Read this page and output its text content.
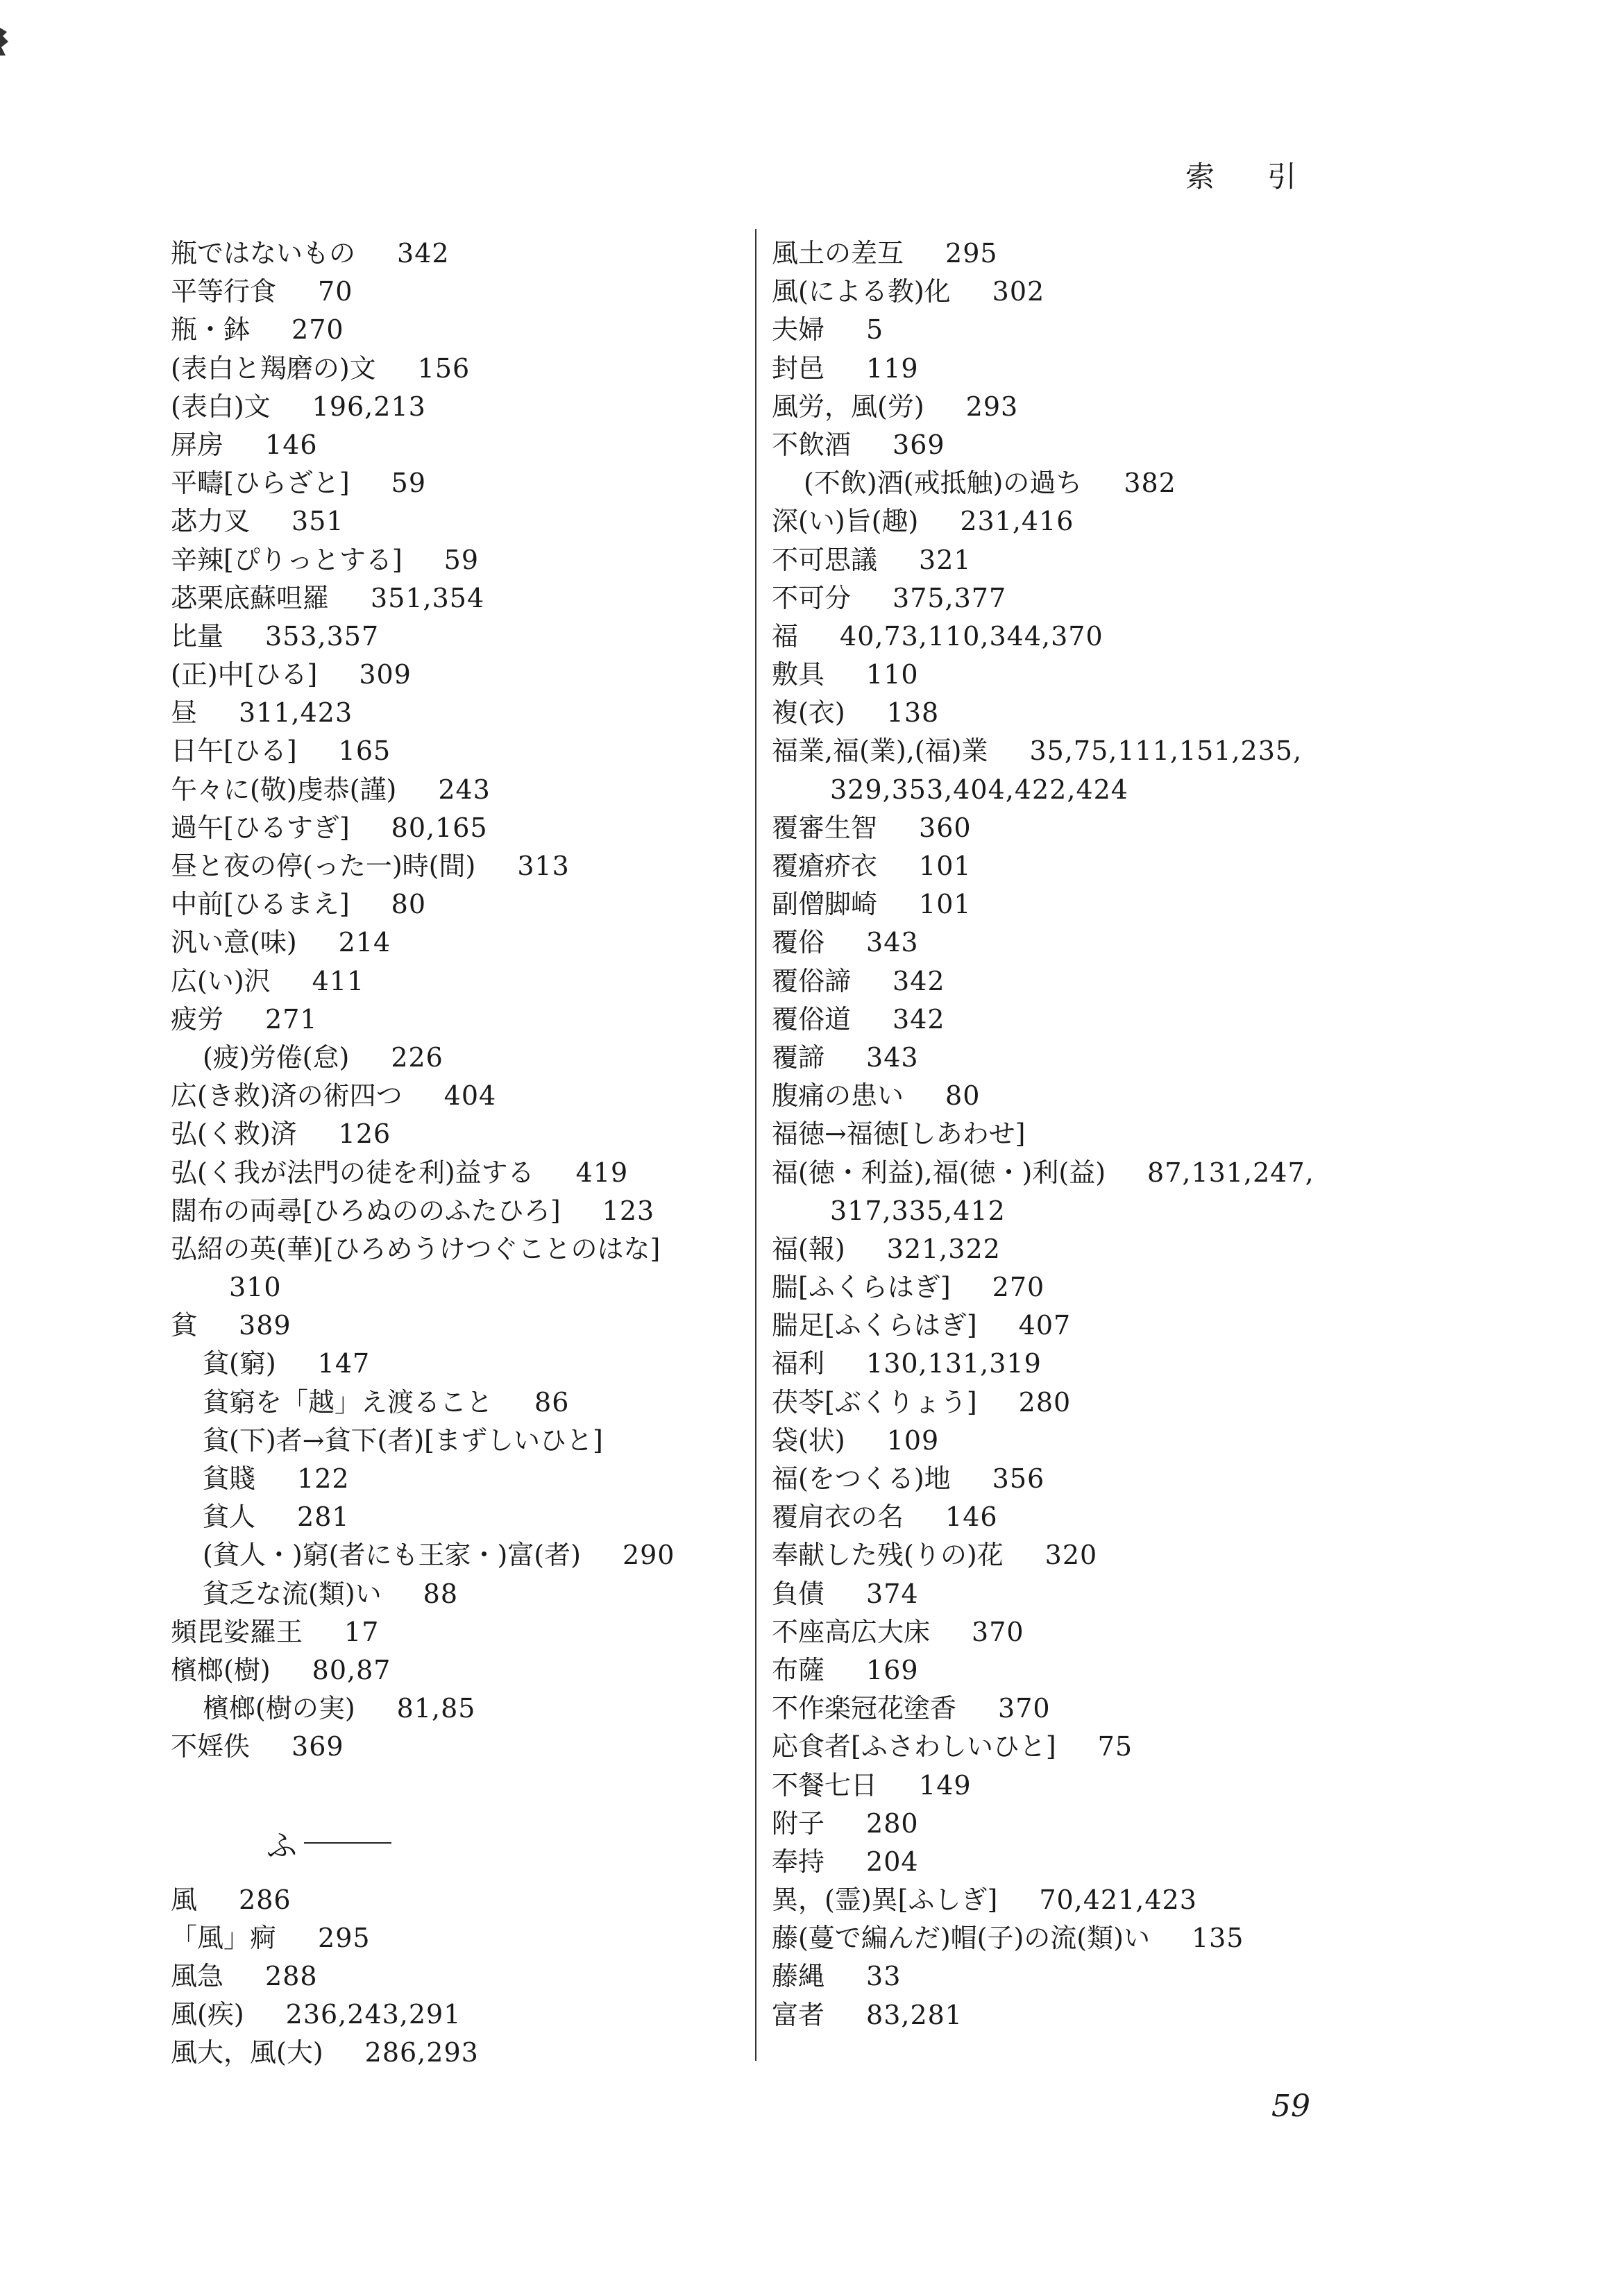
索 引
瓶ではないもの 342
平等行食 70
瓶・鉢 270
(表白と羯磨の)文 156
(表白)文 196,213
屏房 146
平疇[ひらざと] 59
苾力叉 351
辛辣[ぴりっとする] 59
苾栗底蘇呾羅 351,354
比量 353,357
(正)中[ひる] 309
昼 311,423
日午[ひる] 165
午々に(敬)虔恭(謹) 243
過午[ひるすぎ] 80,165
昼と夜の停(った一)時(間) 313
中前[ひるまえ] 80
汎い意(味) 214
広(い)沢 411
疲労 271
(疲)労倦(怠) 226
広(き救)済の術四つ 404
弘(く救)済 126
弘(く我が法門の徒を利)益する 419
闊布の両尋[ひろぬののふたひろ] 123
弘紹の英(華)[ひろめうけつぐことのはな]
310
貧 389
貧(窮) 147
貧窮を「越」え渡ること 86
貧(下)者→貧下(者)[まずしいひと]
貧賤 122
貧人 281
(貧人・)窮(者にも王家・)富(者) 290
貧乏な流(類)い 88
頻毘娑羅王 17
檳榔(樹) 80,87
檳榔(樹の実) 81,85
不婬佚 369
ふ
風 286
「風」痾 295
風急 288
風(疾) 236,243,291
風大，風(大) 286,293
風土の差互 295
風(による教)化 302
夫婦 5
封邑 119
風労，風(労) 293
不飲酒 369
(不飲)酒(戒抵触)の過ち 382
深(い)旨(趣) 231,416
不可思議 321
不可分 375,377
福 40,73,110,344,370
敷具 110
複(衣) 138
福業,福(業),(福)業 35,75,111,151,235,
329,353,404,422,424
覆審生智 360
覆瘡疥衣 101
副僧脚崎 101
覆俗 343
覆俗諦 342
覆俗道 342
覆諦 343
腹痛の患い 80
福徳→福徳[しあわせ]
福(徳・利益),福(徳・)利(益) 87,131,247,
317,335,412
福(報) 321,322
腨[ふくらはぎ] 270
腨足[ふくらはぎ] 407
福利 130,131,319
茯苓[ぶくりょう] 280
袋(状) 109
福(をつくる)地 356
覆肩衣の名 146
奉献した残(りの)花 320
負債 374
不座高広大床 370
布薩 169
不作楽冠花塗香 370
応食者[ふさわしいひと] 75
不餐七日 149
附子 280
奉持 204
異，(霊)異[ふしぎ] 70,421,423
藤(蔓で編んだ)帽(子)の流(類)い 135
藤縄 33
富者 83,281
59
